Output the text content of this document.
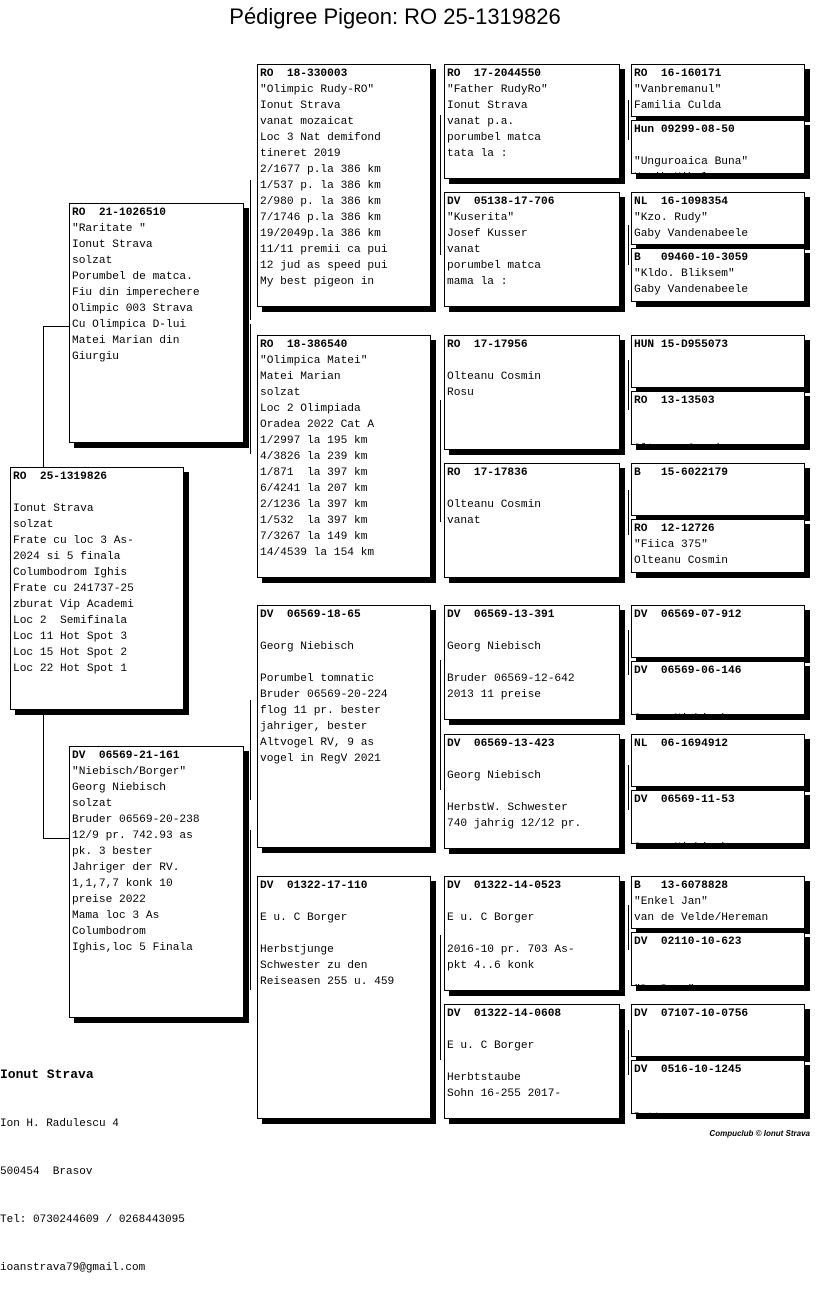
Pédigree Pigeon: RO 25-1319826
RO  25-1319826
Ionut Strava
solzat
Frate cu loc 3 As-
2024 si 5 finala
Columbodrom Ighis
Frate cu 241737-25
zburat Vip Academi
Loc 2  Semifinala
Loc 11 Hot Spot 3
Loc 15 Hot Spot 2
Loc 22 Hot Spot 1
RO  21-1026510
"Raritate "
Ionut Strava
solzat
Porumbel de matca.
Fiu din imperechere
Olimpic 003 Strava
Cu Olimpica D-lui
Matei Marian din
Giurgiu
DV  06569-21-161
"Niebisch/Borger"
Georg Niebisch
solzat
Bruder 06569-20-238
12/9 pr. 742.93 as
pk. 3 bester
Jahriger der RV.
1,1,7,7 konk 10
preise 2022
Mama loc 3 As
Columbodrom
Ighis,loc 5 Finala
RO  18-330003
"Olimpic Rudy-RO"
Ionut Strava
vanat mozaicat
Loc 3 Nat demifond
tineret 2019
2/1677 p.la 386 km
1/537 p. la 386 km
2/980 p. la 386 km
7/1746 p.la 386 km
19/2049p.la 386 km
11/11 premii ca pui
12 jud as speed pui
My best pigeon in
RO  18-386540
"Olimpica Matei"
Matei Marian
solzat
Loc 2 Olimpiada
Oradea 2022 Cat A
1/2997 la 195 km
4/3826 la 239 km
1/871  la 397 km
6/4241 la 207 km
2/1236 la 397 km
1/532  la 397 km
7/3267 la 149 km
14/4539 la 154 km
DV  06569-18-65
Georg Niebisch
Porumbel tomnatic
Bruder 06569-20-224
flog 11 pr. bester
jahriger, bester
Altvogel RV, 9 as
vogel in RegV 2021
DV  01322-17-110
E u. C Borger
Herbstjunge
Schwester zu den
Reiseasen 255 u. 459
RO  17-2044550
"Father RudyRo"
Ionut Strava
vanat p.a.
porumbel matca
tata la :
DV  05138-17-706
"Kuserita"
Josef Kusser
vanat
porumbel matca
mama la :
RO  17-17956
Olteanu Cosmin
Rosu
RO  17-17836
Olteanu Cosmin
vanat
DV  06569-13-391
Georg Niebisch
Bruder 06569-12-642
2013 11 preise
DV  06569-13-423
Georg Niebisch
HerbstW. Schwester
740 jahrig 12/12 pr.
DV  01322-14-0523
E u. C Borger
2016-10 pr. 703 As-
pkt 4..6 konk
DV  01322-14-0608
E u. C Borger
Herbtstaube
Sohn 16-255 2017-
RO  16-160171
"Vanbremanul"
Familia Culda
Hun 09299-08-50
"Unguroaica Buna"
NL  16-1098354
"Kzo. Rudy"
Gaby Vandenabeele
B   09460-10-3059
"Kldo. Bliksem"
Gaby Vandenabeele
HUN 15-D955073
RO  13-13503
B   15-6022179
RO  12-12726
"Fiica 375"
Olteanu Cosmin
DV  06569-07-912
DV  06569-06-146
NL  06-1694912
DV  06569-11-53
B   13-6078828
"Enkel Jan"
van de Velde/Hereman
DV  02110-10-623
DV  07107-10-0756
DV  0516-10-1245

Ionut Strava

Ion H. Radulescu 4

500454  Brasov

Tel: 0730244609 / 0268443095

ioanstrava79@gmail.com

Compuclub © Ionut Strava
